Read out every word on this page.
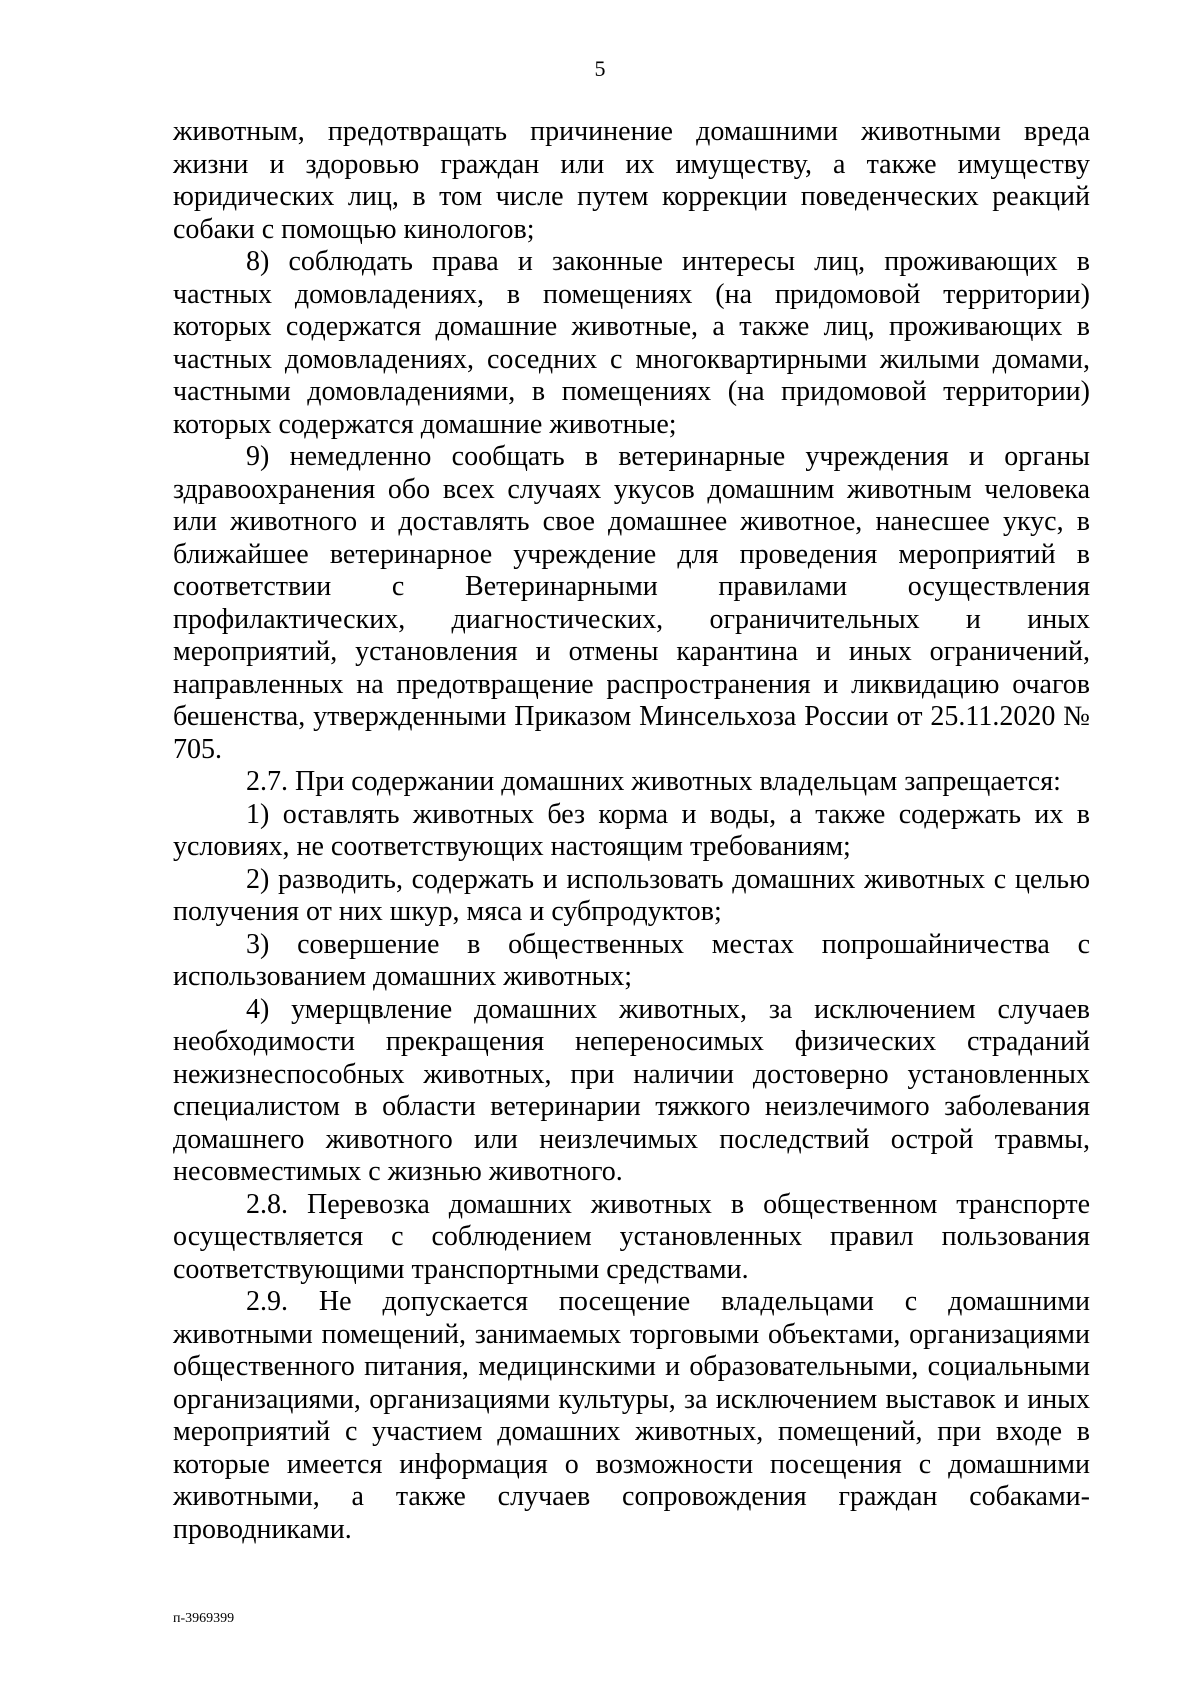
5

животным, предотвращать причинение домашними животными вреда жизни и здоровью граждан или их имуществу, а также имуществу юридических лиц, в том числе путем коррекции поведенческих реакций собаки с помощью кинологов;

8) соблюдать права и законные интересы лиц, проживающих в частных домовладениях, в помещениях (на придомовой территории) которых содержатся домашние животные, а также лиц, проживающих в частных домовладениях, соседних с многоквартирными жилыми домами, частными домовладениями, в помещениях (на придомовой территории) которых содержатся домашние животные;

9) немедленно сообщать в ветеринарные учреждения и органы здравоохранения обо всех случаях укусов домашним животным человека или животного и доставлять свое домашнее животное, нанесшее укус, в ближайшее ветеринарное учреждение для проведения мероприятий в соответствии с Ветеринарными правилами осуществления профилактических, диагностических, ограничительных и иных мероприятий, установления и отмены карантина и иных ограничений, направленных на предотвращение распространения и ликвидацию очагов бешенства, утвержденными Приказом Минсельхоза России от 25.11.2020 № 705.

2.7. При содержании домашних животных владельцам запрещается:

1) оставлять животных без корма и воды, а также содержать их в условиях, не соответствующих настоящим требованиям;

2) разводить, содержать и использовать домашних животных с целью получения от них шкур, мяса и субпродуктов;

3) совершение в общественных местах попрошайничества с использованием домашних животных;

4) умерщвление домашних животных, за исключением случаев необходимости прекращения непереносимых физических страданий нежизнеспособных животных, при наличии достоверно установленных специалистом в области ветеринарии тяжкого неизлечимого заболевания домашнего животного или неизлечимых последствий острой травмы, несовместимых с жизнью животного.

2.8. Перевозка домашних животных в общественном транспорте осуществляется с соблюдением установленных правил пользования соответствующими транспортными средствами.

2.9. Не допускается посещение владельцами с домашними животными помещений, занимаемых торговыми объектами, организациями общественного питания, медицинскими и образовательными, социальными организациями, организациями культуры, за исключением выставок и иных мероприятий с участием домашних животных, помещений, при входе в которые имеется информация о возможности посещения с домашними животными, а также случаев сопровождения граждан собаками-проводниками.

п-3969399
